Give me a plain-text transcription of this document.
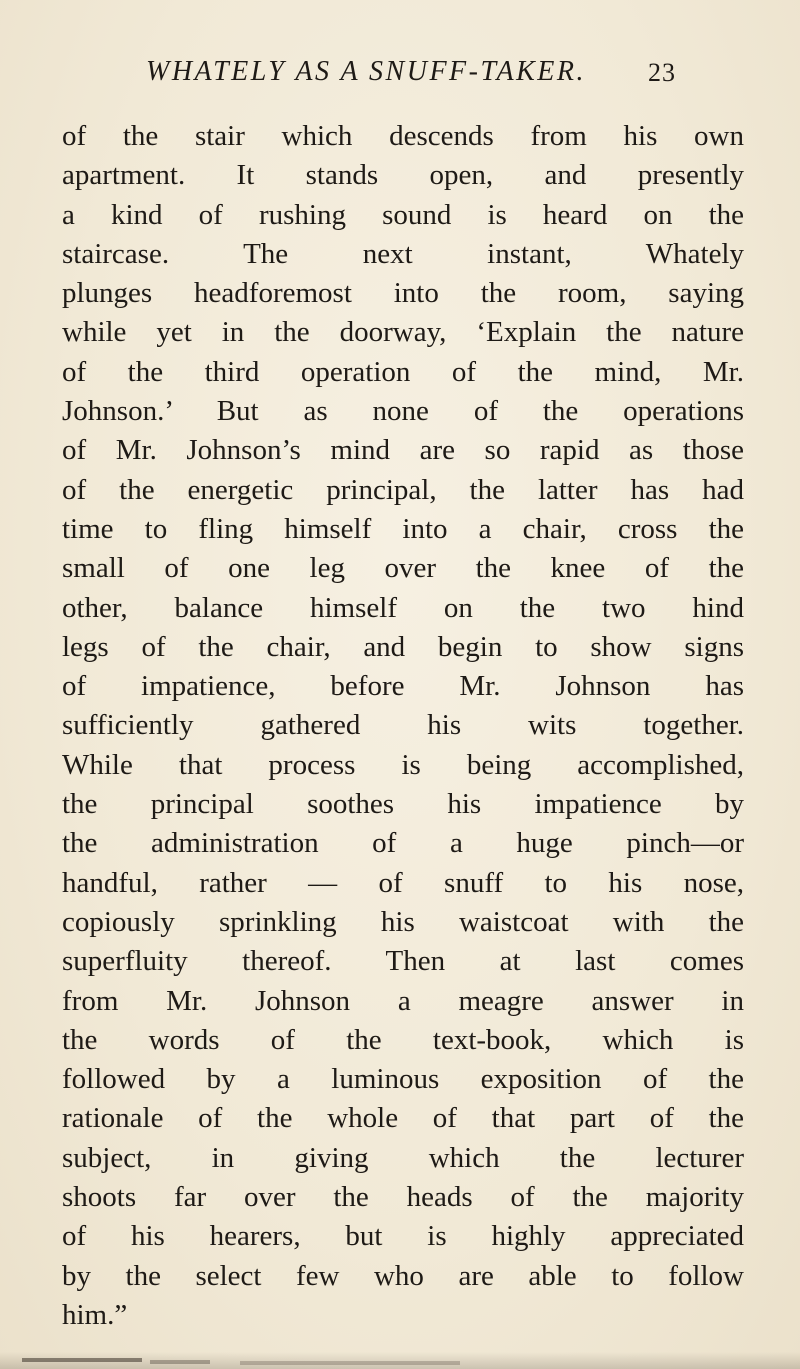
WHATELY AS A SNUFF-TAKER. 23
of the stair which descends from his own
apartment. It stands open, and presently
a kind of rushing sound is heard on the
staircase. The next instant, Whately
plunges headforemost into the room, saying
while yet in the doorway, ‘Explain the nature
of the third operation of the mind, Mr.
Johnson.’ But as none of the operations
of Mr. Johnson’s mind are so rapid as those
of the energetic principal, the latter has had
time to fling himself into a chair, cross the
small of one leg over the knee of the
other, balance himself on the two hind
legs of the chair, and begin to show signs
of impatience, before Mr. Johnson has
sufficiently gathered his wits together.
While that process is being accomplished,
the principal soothes his impatience by
the administration of a huge pinch—or
handful, rather — of snuff to his nose,
copiously sprinkling his waistcoat with the
superfluity thereof. Then at last comes
from Mr. Johnson a meagre answer in
the words of the text-book, which is
followed by a luminous exposition of the
rationale of the whole of that part of the
subject, in giving which the lecturer
shoots far over the heads of the majority
of his hearers, but is highly appreciated
by the select few who are able to follow
him.”
